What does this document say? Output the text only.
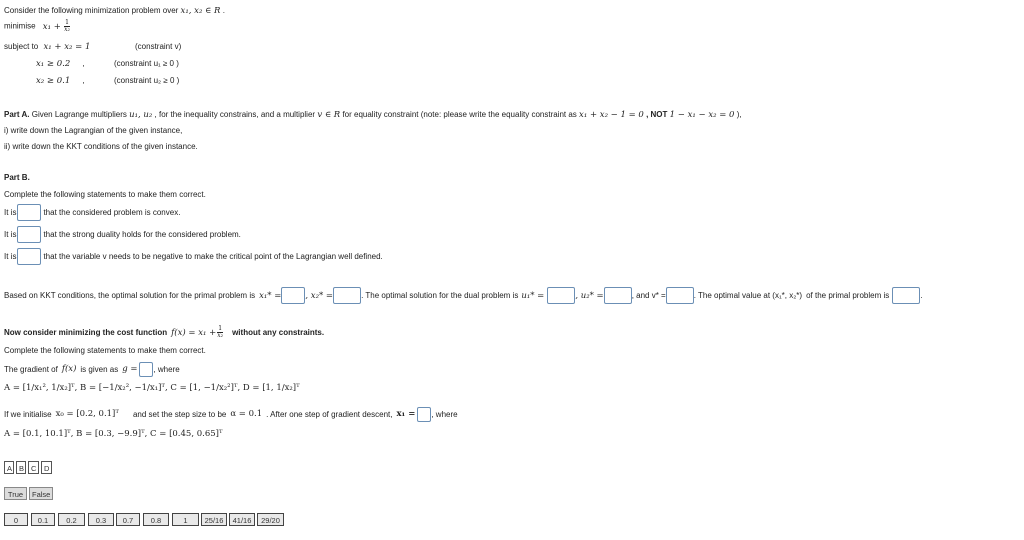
Consider the following minimization problem over x₁, x₂ ∈ R .
minimise $x_1 + \frac{1}{\text{x₂}}$
subject to x₁ + x₂ = 1	(constraint v)
x₁ ≥ 0.2 ,	(constraint u₁ ≥ 0 )
x₂ ≥ 0.1 ,	(constraint u₂ ≥ 0 )
Part A. Given Lagrange multipliers u₁, u₂ , for the inequality constrains, and a multiplier v ∈ R for equality constraint (note: please write the equality constraint as x₁ + x₂ − 1 = 0 , NOT 1 − x₁ − x₂ = 0 ),
i) write down the Lagrangian of the given instance,
ii) write down the KKT conditions of the given instance.
Part B.
Complete the following statements to make them correct.
It is	that the considered problem is convex.
It is	that the strong duality holds for the considered problem.
It is	that the variable v needs to be negative to make the critical point of the Lagrangian well defined.
Based on KKT conditions, the optimal solution for the primal problem is x₁* =	, x₂* =	. The optimal solution for the dual problem is u₁* =	, u₂* =	, and v* =	. The optimal value at (x₁*, x₂*) of the primal problem is	.
Now consider minimizing the cost function $f(x) = x_1 + \frac{1}{\text{x₂}}$ without any constraints.
Complete the following statements to make them correct.
The gradient of f(x) is given as g = , where
A = [1/x₁², 1/x₂]ᵀ, B = [−1/x₂², −1/x₁]ᵀ, C = [1, −1/x₂²]ᵀ, D = [1, 1/x₂]ᵀ
If we initialise x₀ = [0.2, 0.1]ᵀ and set the step size to be α = 0.1 . After one step of gradient descent, x₁ = , where
A = [0.1, 10.1]ᵀ, B = [0.3, −9.9]ᵀ, C = [0.45, 0.65]ᵀ
A B C	D
True	False
0	0.1	0.2	0.3	0.7	0.8	1	25/16	41/16	29/20
